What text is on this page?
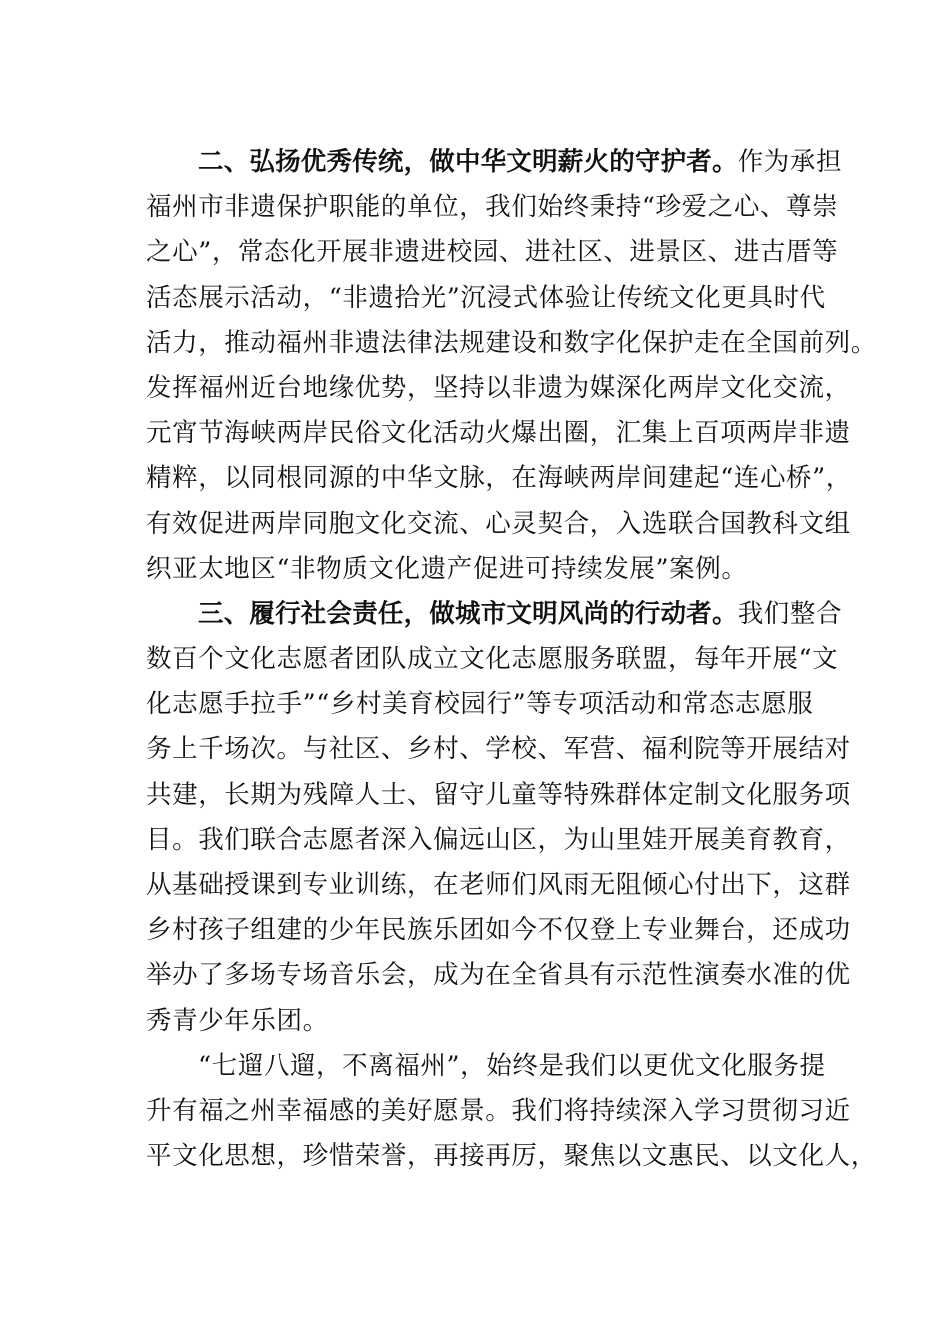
二、弘扬优秀传统，做中华文明薪火的守护者。作为承担
福州市非遗保护职能的单位，我们始终秉持“珍爱之心、尊崇
之心”，常态化开展非遗进校园、进社区、进景区、进古厝等
活态展示活动，“非遗拾光”沉浸式体验让传统文化更具时代
活力，推动福州非遗法律法规建设和数字化保护走在全国前列。
发挥福州近台地缘优势，坚持以非遗为媒深化两岸文化交流，
元宵节海峡两岸民俗文化活动火爆出圈，汇集上百项两岸非遗
精粹，以同根同源的中华文脉，在海峡两岸间建起“连心桥”，
有效促进两岸同胞文化交流、心灵契合，入选联合国教科文组
织亚太地区“非物质文化遗产促进可持续发展”案例。
三、履行社会责任，做城市文明风尚的行动者。我们整合
数百个文化志愿者团队成立文化志愿服务联盟，每年开展“文
化志愿手拉手”“乡村美育校园行”等专项活动和常态志愿服
务上千场次。与社区、乡村、学校、军营、福利院等开展结对
共建，长期为残障人士、留守儿童等特殊群体定制文化服务项
目。我们联合志愿者深入偏远山区，为山里娃开展美育教育，
从基础授课到专业训练，在老师们风雨无阻倾心付出下，这群
乡村孩子组建的少年民族乐团如今不仅登上专业舞台，还成功
举办了多场专场音乐会，成为在全省具有示范性演奏水准的优
秀青少年乐团。
“七遛八遛，不离福州”，始终是我们以更优文化服务提
升有福之州幸福感的美好愿景。我们将持续深入学习贯彻习近
平文化思想，珍惜荣誉，再接再厉，聚焦以文惠民、以文化人，
